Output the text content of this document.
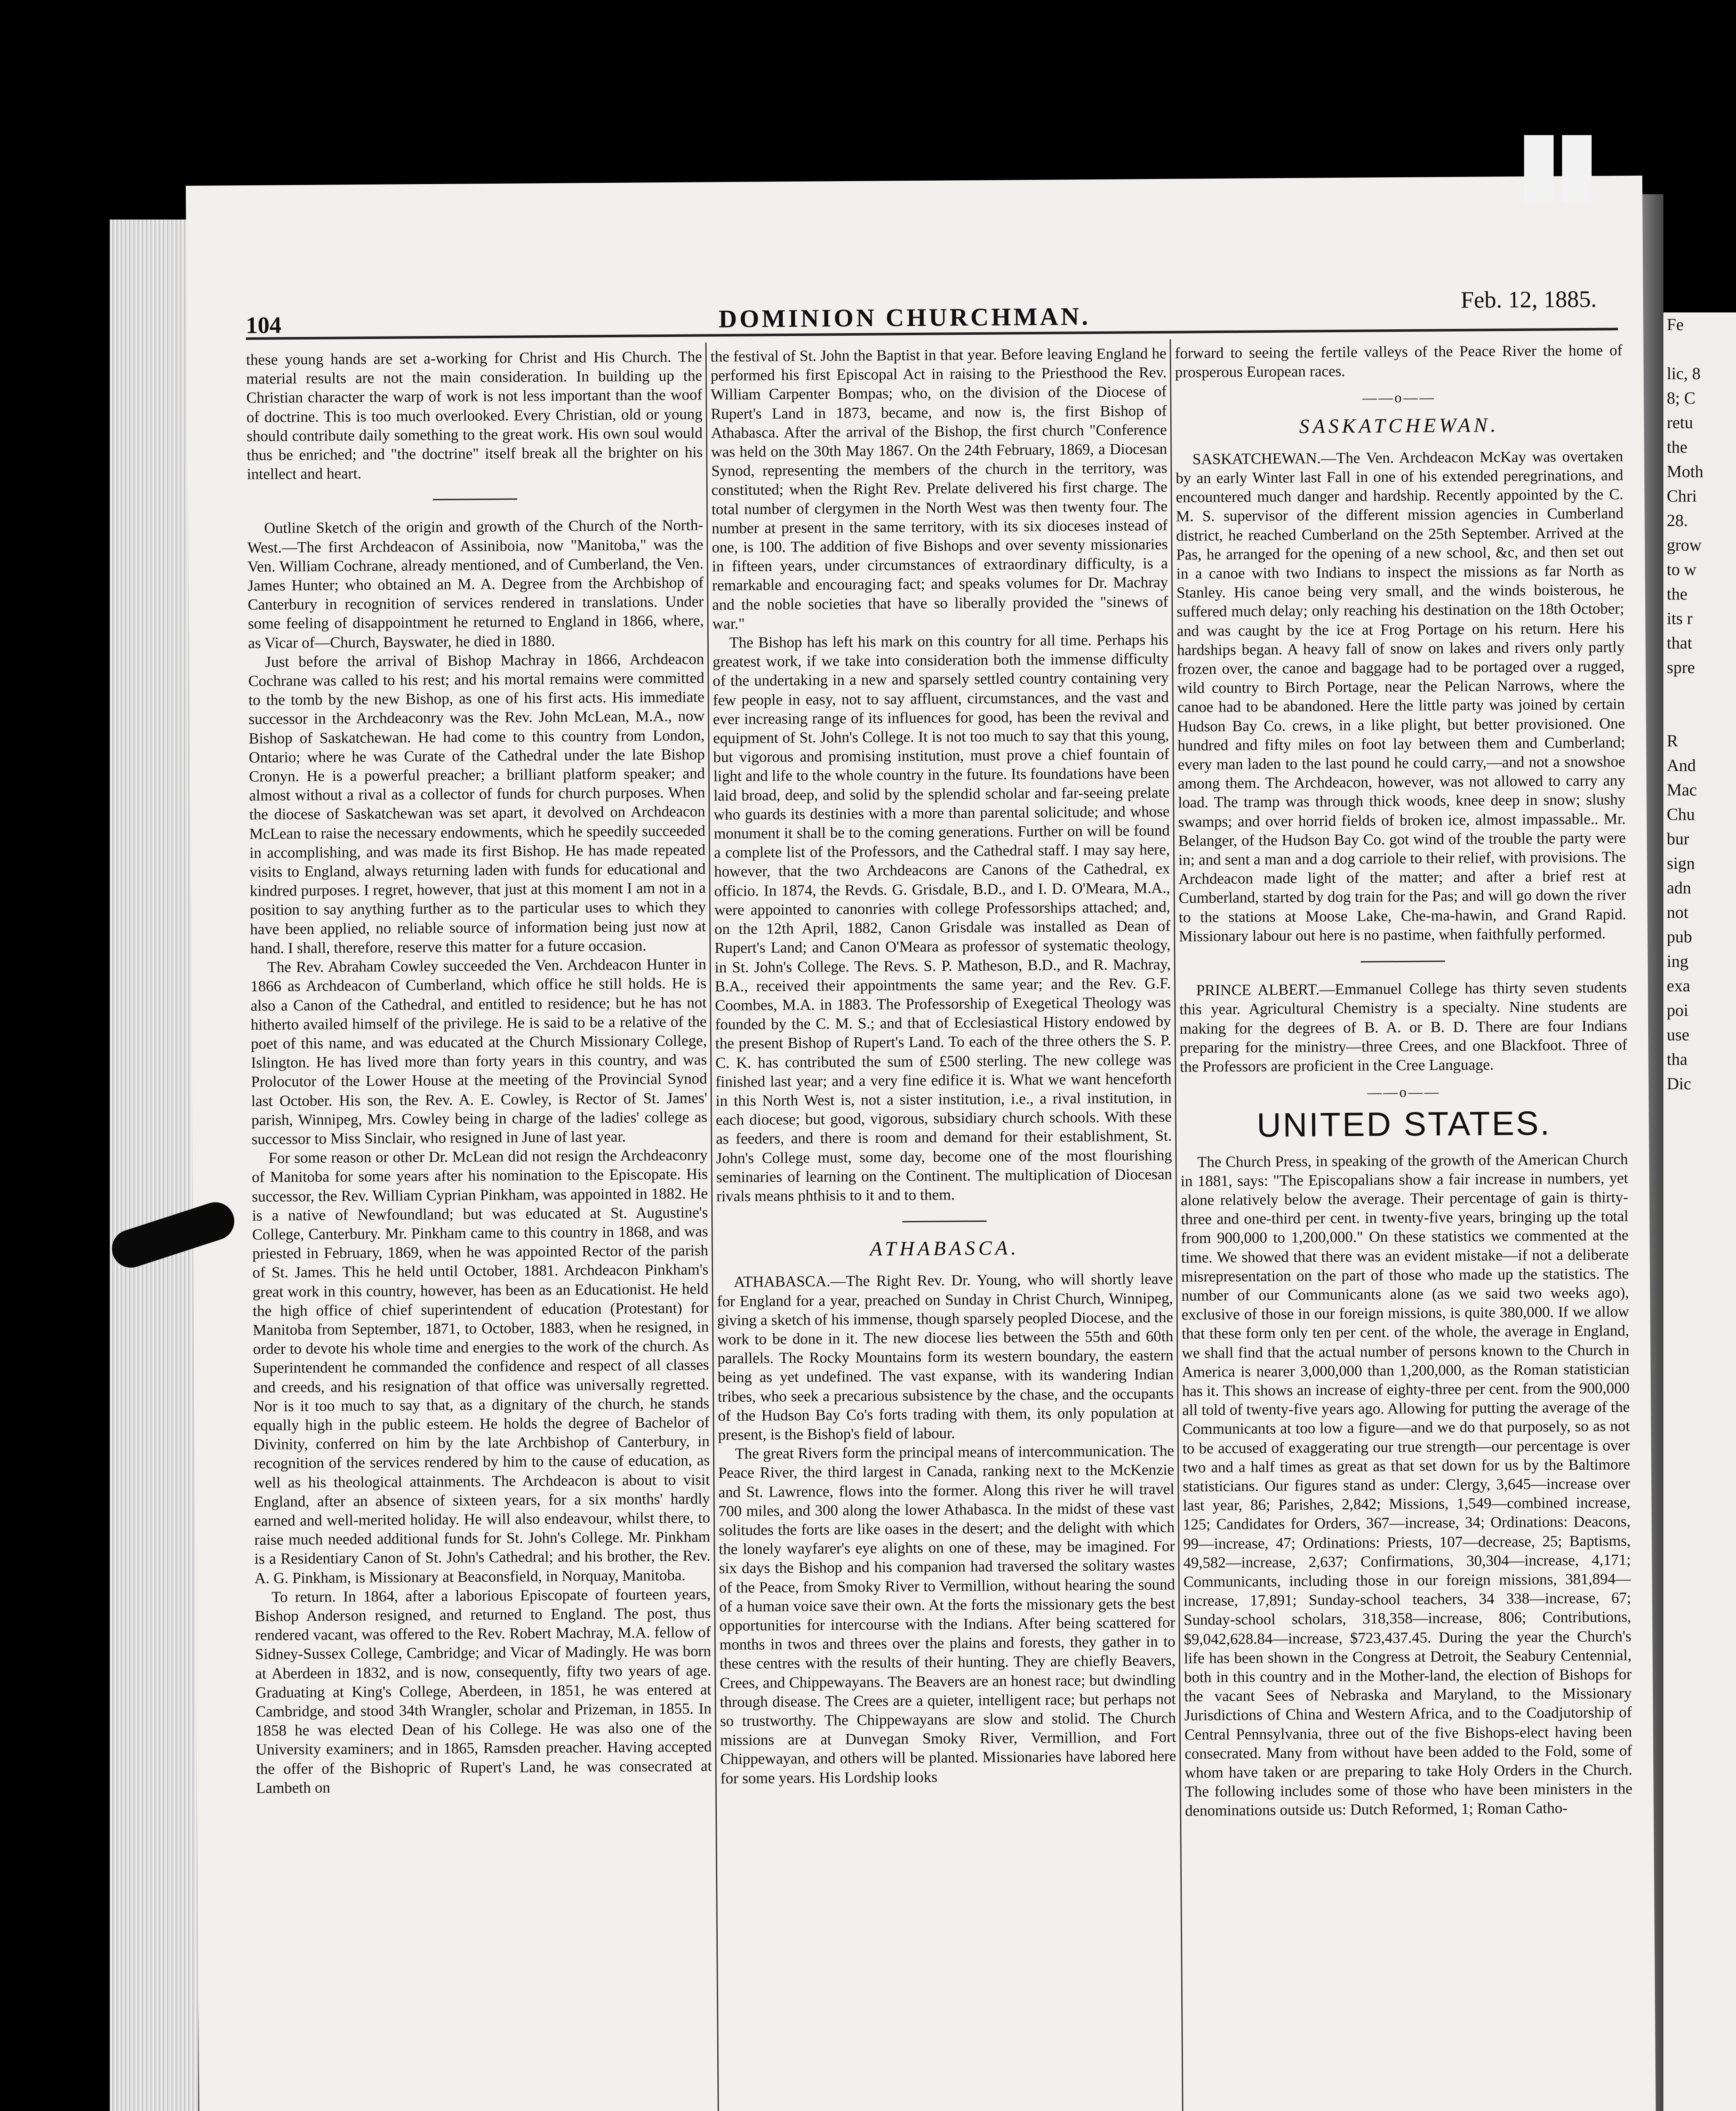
Fe

lic, 8
8; C
retu
the
Moth
Chri
28.
grow
to w
the
its r
that
spre

R
And
Mac
Chu
bur
sign
adn
not
pub
ing
exa
poi
use
tha
Dic
104	DOMINION CHURCHMAN.
Feb. 12, 1885.

these young hands are set a-working for Christ and His Church. The material results are not the main consideration. In building up the Christian character the warp of work is not less important than the woof of doctrine. This is too much overlooked. Every Christian, old or young should contribute daily something to the great work. His own soul would thus be enriched; and "the doctrine" itself break all the brighter on his intellect and heart.

Outline Sketch of the origin and growth of the Church of the North-West.—The first Archdeacon of Assiniboia, now "Manitoba," was the Ven. William Cochrane, already mentioned, and of Cumberland, the Ven. James Hunter; who obtained an M. A. Degree from the Archbishop of Canterbury in recognition of services rendered in translations. Under some feeling of disappointment he returned to England in 1866, where, as Vicar of—Church, Bayswater, he died in 1880.

Just before the arrival of Bishop Machray in 1866, Archdeacon Cochrane was called to his rest; and his mortal remains were committed to the tomb by the new Bishop, as one of his first acts. His immediate successor in the Archdeaconry was the Rev. John McLean, M.A., now Bishop of Saskatchewan. He had come to this country from London, Ontario; where he was Curate of the Cathedral under the late Bishop Cronyn. He is a powerful preacher; a brilliant platform speaker; and almost without a rival as a collector of funds for church purposes. When the diocese of Saskatchewan was set apart, it devolved on Archdeacon McLean to raise the necessary endowments, which he speedily succeeded in accomplishing, and was made its first Bishop. He has made repeated visits to England, always returning laden with funds for educational and kindred purposes. I regret, however, that just at this moment I am not in a position to say anything further as to the particular uses to which they have been applied, no reliable source of information being just now at hand. I shall, therefore, reserve this matter for a future occasion.

The Rev. Abraham Cowley succeeded the Ven. Archdeacon Hunter in 1866 as Archdeacon of Cumberland, which office he still holds. He is also a Canon of the Cathedral, and entitled to residence; but he has not hitherto availed himself of the privilege. He is said to be a relative of the poet of this name, and was educated at the Church Missionary College, Islington. He has lived more than forty years in this country, and was Prolocutor of the Lower House at the meeting of the Provincial Synod last October. His son, the Rev. A. E. Cowley, is Rector of St. James' parish, Winnipeg, Mrs. Cowley being in charge of the ladies' college as successor to Miss Sinclair, who resigned in June of last year.

For some reason or other Dr. McLean did not resign the Archdeaconry of Manitoba for some years after his nomination to the Episcopate. His successor, the Rev. William Cyprian Pinkham, was appointed in 1882. He is a native of Newfoundland; but was educated at St. Augustine's College, Canterbury. Mr. Pinkham came to this country in 1868, and was priested in February, 1869, when he was appointed Rector of the parish of St. James. This he held until October, 1881. Archdeacon Pinkham's great work in this country, however, has been as an Educationist. He held the high office of chief superintendent of education (Protestant) for Manitoba from September, 1871, to October, 1883, when he resigned, in order to devote his whole time and energies to the work of the church. As Superintendent he commanded the confidence and respect of all classes and creeds, and his resignation of that office was universally regretted. Nor is it too much to say that, as a dignitary of the church, he stands equally high in the public esteem. He holds the degree of Bachelor of Divinity, conferred on him by the late Archbishop of Canterbury, in recognition of the services rendered by him to the cause of education, as well as his theological attainments. The Archdeacon is about to visit England, after an absence of sixteen years, for a six months' hardly earned and well-merited holiday. He will also endeavour, whilst there, to raise much needed additional funds for St. John's College. Mr. Pinkham is a Residentiary Canon of St. John's Cathedral; and his brother, the Rev. A. G. Pinkham, is Missionary at Beaconsfield, in Norquay, Manitoba.

To return. In 1864, after a laborious Episcopate of fourteen years, Bishop Anderson resigned, and returned to England. The post, thus rendered vacant, was offered to the Rev. Robert Machray, M.A. fellow of Sidney-Sussex College, Cambridge; and Vicar of Madingly. He was born at Aberdeen in 1832, and is now, consequently, fifty two years of age. Graduating at King's College, Aberdeen, in 1851, he was entered at Cambridge, and stood 34th Wrangler, scholar and Prizeman, in 1855. In 1858 he was elected Dean of his College. He was also one of the University examiners; and in 1865, Ramsden preacher. Having accepted the offer of the Bishopric of Rupert's Land, he was consecrated at Lambeth on

the festival of St. John the Baptist in that year. Before leaving England he performed his first Episcopal Act in raising to the Priesthood the Rev. William Carpenter Bompas; who, on the division of the Diocese of Rupert's Land in 1873, became, and now is, the first Bishop of Athabasca. After the arrival of the Bishop, the first church "Conference was held on the 30th May 1867. On the 24th February, 1869, a Diocesan Synod, representing the members of the church in the territory, was constituted; when the Right Rev. Prelate delivered his first charge. The total number of clergymen in the North West was then twenty four. The number at present in the same territory, with its six dioceses instead of one, is 100. The addition of five Bishops and over seventy missionaries in fifteen years, under circumstances of extraordinary difficulty, is a remarkable and encouraging fact; and speaks volumes for Dr. Machray and the noble societies that have so liberally provided the "sinews of war."

The Bishop has left his mark on this country for all time. Perhaps his greatest work, if we take into consideration both the immense difficulty of the undertaking in a new and sparsely settled country containing very few people in easy, not to say affluent, circumstances, and the vast and ever increasing range of its influences for good, has been the revival and equipment of St. John's College. It is not too much to say that this young, but vigorous and promising institution, must prove a chief fountain of light and life to the whole country in the future. Its foundations have been laid broad, deep, and solid by the splendid scholar and far-seeing prelate who guards its destinies with a more than parental solicitude; and whose monument it shall be to the coming generations. Further on will be found a complete list of the Professors, and the Cathedral staff. I may say here, however, that the two Archdeacons are Canons of the Cathedral, ex officio. In 1874, the Revds. G. Grisdale, B.D., and I. D. O'Meara, M.A., were appointed to canonries with college Professorships attached; and, on the 12th April, 1882, Canon Grisdale was installed as Dean of Rupert's Land; and Canon O'Meara as professor of systematic theology, in St. John's College. The Revs. S. P. Matheson, B.D., and R. Machray, B.A., received their appointments the same year; and the Rev. G.F. Coombes, M.A. in 1883. The Professorship of Exegetical Theology was founded by the C. M. S.; and that of Ecclesiastical History endowed by the present Bishop of Rupert's Land. To each of the three others the S. P. C. K. has contributed the sum of £500 sterling. The new college was finished last year; and a very fine edifice it is. What we want henceforth in this North West is, not a sister institution, i.e., a rival institution, in each diocese; but good, vigorous, subsidiary church schools. With these as feeders, and there is room and demand for their establishment, St. John's College must, some day, become one of the most flourishing seminaries of learning on the Continent. The multiplication of Diocesan rivals means phthisis to it and to them.

ATHABASCA.

ATHABASCA.—The Right Rev. Dr. Young, who will shortly leave for England for a year, preached on Sunday in Christ Church, Winnipeg, giving a sketch of his immense, though sparsely peopled Diocese, and the work to be done in it. The new diocese lies between the 55th and 60th parallels. The Rocky Mountains form its western boundary, the eastern being as yet undefined. The vast expanse, with its wandering Indian tribes, who seek a precarious subsistence by the chase, and the occupants of the Hudson Bay Co's forts trading with them, its only population at present, is the Bishop's field of labour.

The great Rivers form the principal means of intercommunication. The Peace River, the third largest in Canada, ranking next to the McKenzie and St. Lawrence, flows into the former. Along this river he will travel 700 miles, and 300 along the lower Athabasca. In the midst of these vast solitudes the forts are like oases in the desert; and the delight with which the lonely wayfarer's eye alights on one of these, may be imagined. For six days the Bishop and his companion had traversed the solitary wastes of the Peace, from Smoky River to Vermillion, without hearing the sound of a human voice save their own. At the forts the missionary gets the best opportunities for intercourse with the Indians. After being scattered for months in twos and threes over the plains and forests, they gather in to these centres with the results of their hunting. They are chiefly Beavers, Crees, and Chippewayans. The Beavers are an honest race; but dwindling through disease. The Crees are a quieter, intelligent race; but perhaps not so trustworthy. The Chippewayans are slow and stolid. The Church missions are at Dunvegan Smoky River, Vermillion, and Fort Chippewayan, and others will be planted. Missionaries have labored here for some years. His Lordship looks

forward to seeing the fertile valleys of the Peace River the home of prosperous European races.

——o——
SASKATCHEWAN.

SASKATCHEWAN.—The Ven. Archdeacon McKay was overtaken by an early Winter last Fall in one of his extended peregrinations, and encountered much danger and hardship. Recently appointed by the C. M. S. supervisor of the different mission agencies in Cumberland district, he reached Cumberland on the 25th September. Arrived at the Pas, he arranged for the opening of a new school, &c, and then set out in a canoe with two Indians to inspect the missions as far North as Stanley. His canoe being very small, and the winds boisterous, he suffered much delay; only reaching his destination on the 18th October; and was caught by the ice at Frog Portage on his return. Here his hardships began. A heavy fall of snow on lakes and rivers only partly frozen over, the canoe and baggage had to be portaged over a rugged, wild country to Birch Portage, near the Pelican Narrows, where the canoe had to be abandoned. Here the little party was joined by certain Hudson Bay Co. crews, in a like plight, but better provisioned. One hundred and fifty miles on foot lay between them and Cumberland; every man laden to the last pound he could carry,—and not a snowshoe among them. The Archdeacon, however, was not allowed to carry any load. The tramp was through thick woods, knee deep in snow; slushy swamps; and over horrid fields of broken ice, almost impassable.. Mr. Belanger, of the Hudson Bay Co. got wind of the trouble the party were in; and sent a man and a dog carriole to their relief, with provisions. The Archdeacon made light of the matter; and after a brief rest at Cumberland, started by dog train for the Pas; and will go down the river to the stations at Moose Lake, Che-ma-hawin, and Grand Rapid. Missionary labour out here is no pastime, when faithfully performed.

PRINCE ALBERT.—Emmanuel College has thirty seven students this year. Agricultural Chemistry is a specialty. Nine students are making for the degrees of B. A. or B. D. There are four Indians preparing for the ministry—three Crees, and one Blackfoot. Three of the Professors are proficient in the Cree Language.

——o——
UNITED STATES.

The Church Press, in speaking of the growth of the American Church in 1881, says: "The Episcopalians show a fair increase in numbers, yet alone relatively below the average. Their percentage of gain is thirty-three and one-third per cent. in twenty-five years, bringing up the total from 900,000 to 1,200,000." On these statistics we commented at the time. We showed that there was an evident mistake—if not a deliberate misrepresentation on the part of those who made up the statistics. The number of our Communicants alone (as we said two weeks ago), exclusive of those in our foreign missions, is quite 380,000. If we allow that these form only ten per cent. of the whole, the average in England, we shall find that the actual number of persons known to the Church in America is nearer 3,000,000 than 1,200,000, as the Roman statistician has it. This shows an increase of eighty-three per cent. from the 900,000 all told of twenty-five years ago. Allowing for putting the average of the Communicants at too low a figure—and we do that purposely, so as not to be accused of exaggerating our true strength—our percentage is over two and a half times as great as that set down for us by the Baltimore statisticians. Our figures stand as under: Clergy, 3,645—increase over last year, 86; Parishes, 2,842; Missions, 1,549—combined increase, 125; Candidates for Orders, 367—increase, 34; Ordinations: Deacons, 99—increase, 47; Ordinations: Priests, 107—decrease, 25; Baptisms, 49,582—increase, 2,637; Confirmations, 30,304—increase, 4,171; Communicants, including those in our foreign missions, 381,894—increase, 17,891; Sunday-school teachers, 34 338—increase, 67; Sunday-school scholars, 318,358—increase, 806; Contributions, $9,042,628.84—increase, $723,437.45. During the year the Church's life has been shown in the Congress at Detroit, the Seabury Centennial, both in this country and in the Mother-land, the election of Bishops for the vacant Sees of Nebraska and Maryland, to the Missionary Jurisdictions of China and Western Africa, and to the Coadjutorship of Central Pennsylvania, three out of the five Bishops-elect having been consecrated. Many from without have been added to the Fold, some of whom have taken or are preparing to take Holy Orders in the Church. The following includes some of those who have been ministers in the denominations outside us: Dutch Reformed, 1; Roman Catho-
